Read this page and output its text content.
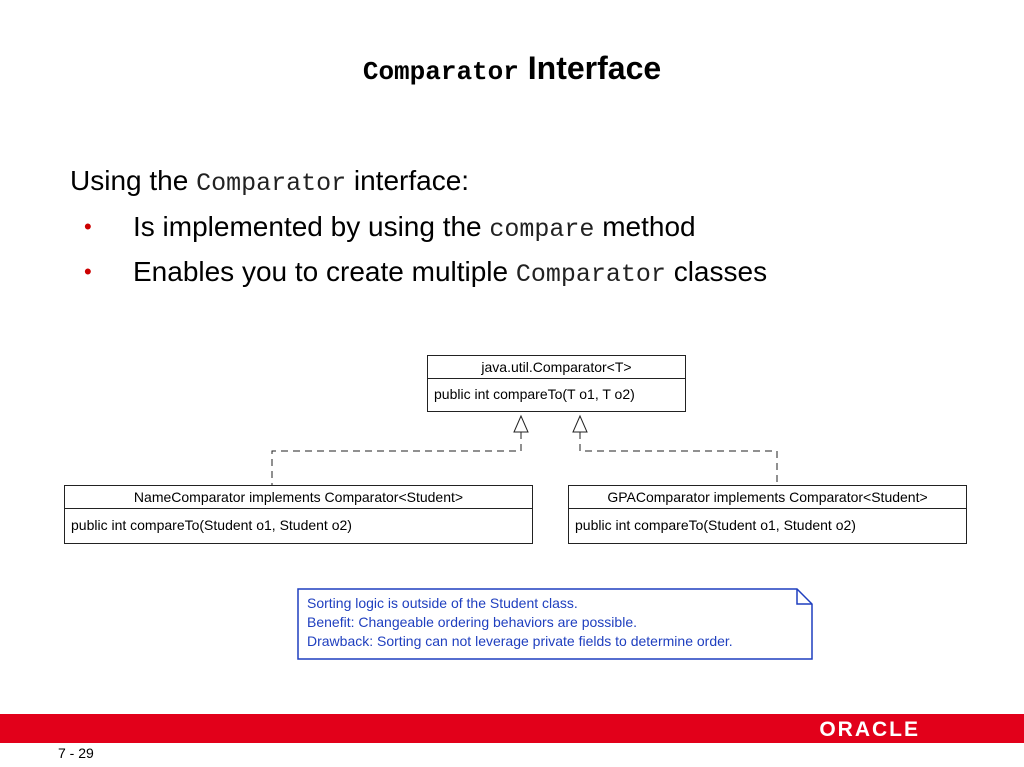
Comparator Interface
Using the Comparator interface:
• Is implemented by using the compare method
• Enables you to create multiple Comparator classes
java.util.Comparator<T>
public int compareTo(T o1, T o2)
NameComparator implements Comparator<Student>
public int compareTo(Student o1, Student o2)
GPAComparator implements Comparator<Student>
public int compareTo(Student o1, Student o2)
Sorting logic is outside of the Student class.
Benefit: Changeable ordering behaviors are possible.
Drawback: Sorting can not leverage private fields to determine order.
ORACLE
7 - 29
